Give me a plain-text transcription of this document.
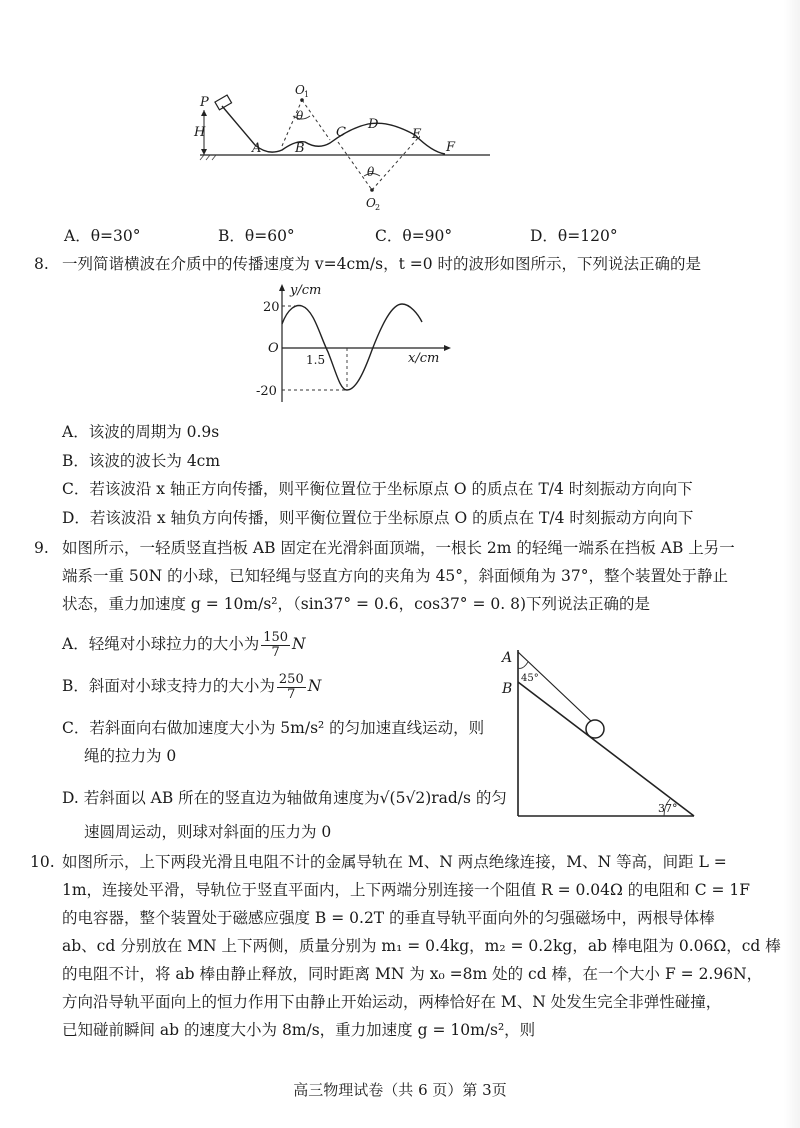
P
H
A	B
C
D
E
F
O 1
θ
θ
O 2
A．θ=30°	B．θ=60°	C．θ=90°	D．θ=120°
8. 一列简谐横波在介质中的传播速度为 v=4cm/s，t =0 时的波形如图所示，下列说法正确的是
y/cm
x/cm
20
-20
O
1.5
A．该波的周期为 0.9s
B．该波的波长为 4cm
C．若该波沿 x 轴正方向传播，则平衡位置位于坐标原点 O 的质点在 T/4 时刻振动方向向下
D．若该波沿 x 轴负方向传播，则平衡位置位于坐标原点 O 的质点在 T/4 时刻振动方向向下
9. 如图所示，一轻质竖直挡板 AB 固定在光滑斜面顶端，一根长 2m 的轻绳一端系在挡板 AB 上另一
端系一重 50N 的小球，已知轻绳与竖直方向的夹角为 45°，斜面倾角为 37°，整个装置处于静止
状态，重力加速度 g = 10m/s²，（sin37° = 0.6，cos37° = 0. 8)下列说法正确的是
A．轻绳对小球拉力的大小为 $\frac{150}{7}$ N
B．斜面对小球支持力的大小为 $\frac{250}{7}$ N
C．若斜面向右做加速度大小为 5m/s² 的匀加速直线运动，则
绳的拉力为 0
D. 若斜面以 AB 所在的竖直边为轴做角速度为√(5√2)rad/s 的匀
速圆周运动，则球对斜面的压力为 0
A
B
45°
37°
10. 如图所示，上下两段光滑且电阻不计的金属导轨在 M、N 两点绝缘连接，M、N 等高，间距 L =
1m，连接处平滑，导轨位于竖直平面内，上下两端分别连接一个阻值 R = 0.04Ω 的电阻和 C = 1F
的电容器，整个装置处于磁感应强度 B = 0.2T 的垂直导轨平面向外的匀强磁场中，两根导体棒
ab、cd 分别放在 MN 上下两侧，质量分别为 m₁ = 0.4kg，m₂ = 0.2kg，ab 棒电阻为 0.06Ω，cd 棒
的电阻不计，将 ab 棒由静止释放，同时距离 MN 为 x₀ =8m 处的 cd 棒，在一个大小 F = 2.96N，
方向沿导轨平面向上的恒力作用下由静止开始运动，两棒恰好在 M、N 处发生完全非弹性碰撞，
已知碰前瞬间 ab 的速度大小为 8m/s，重力加速度 g = 10m/s²，则
高三物理试卷（共 6 页）第 3页
